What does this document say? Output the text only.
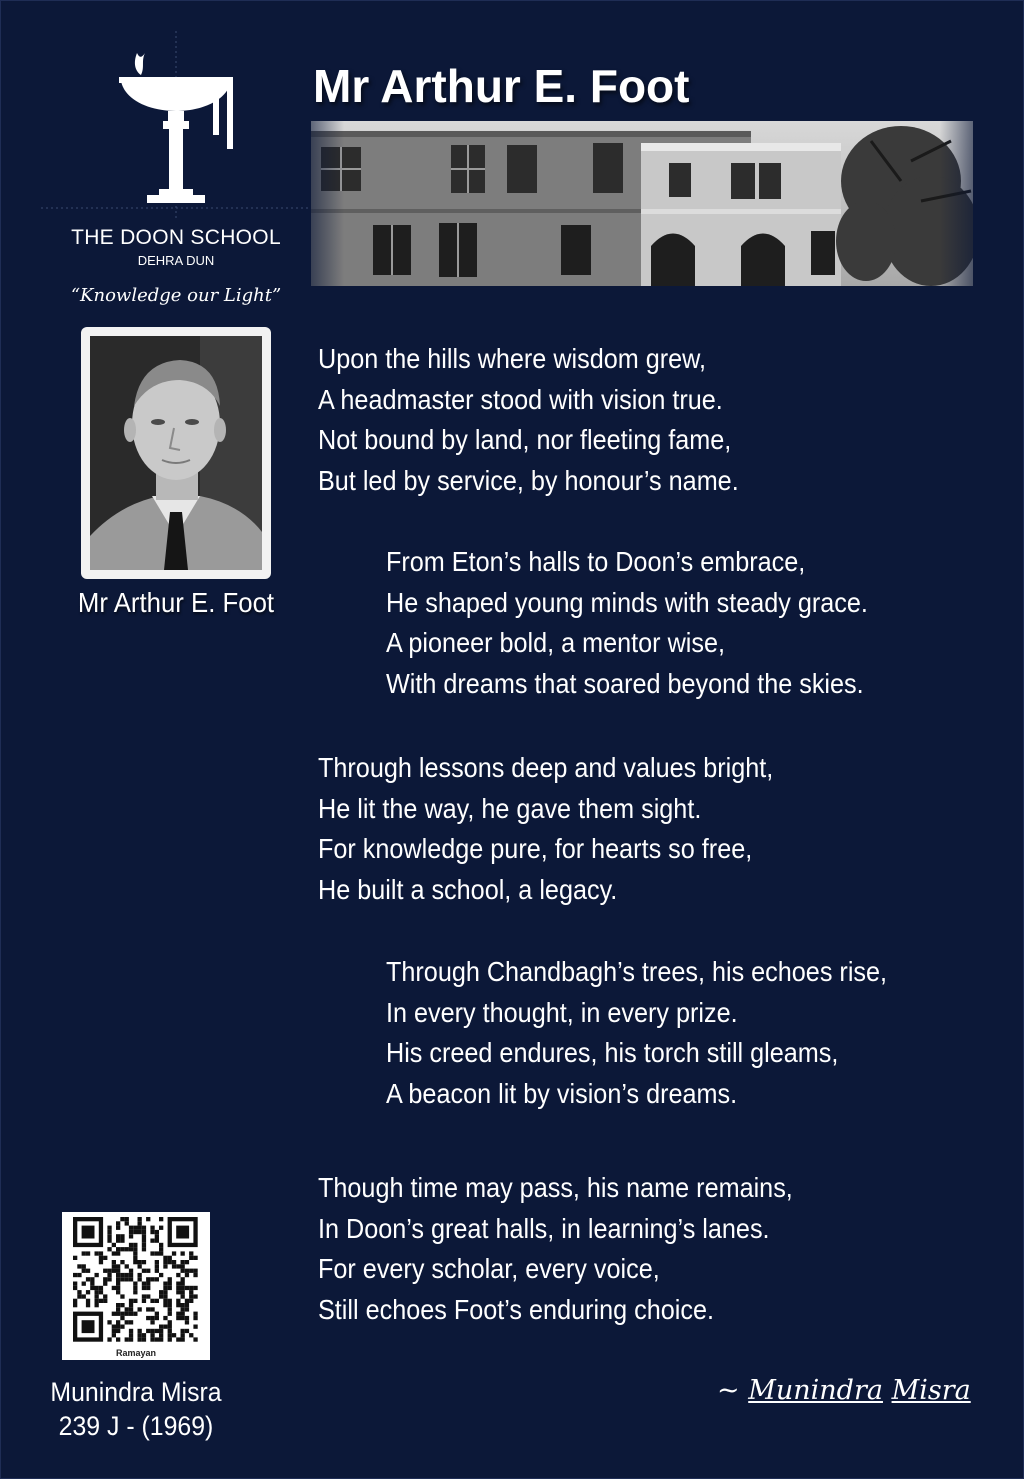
THE DOON SCHOOL
DEHRA DUN
“Knowledge our Light”
Mr Arthur E. Foot
Mr Arthur E. Foot
Upon the hills where wisdom grew,
A headmaster stood with vision true.
Not bound by land, nor fleeting fame,
But led by service, by honour’s name.
From Eton’s halls to Doon’s embrace,
He shaped young minds with steady grace.
A pioneer bold, a mentor wise,
With dreams that soared beyond the skies.
Through lessons deep and values bright,
He lit the way, he gave them sight.
For knowledge pure, for hearts so free,
He built a school, a legacy.
Through Chandbagh’s trees, his echoes rise,
In every thought, in every prize.
His creed endures, his torch still gleams,
A beacon lit by vision’s dreams.
Though time may pass, his name remains,
In Doon’s great halls, in learning’s lanes.
For every scholar, every voice,
Still echoes Foot’s enduring choice.
~ Munindra Misra
Ramayan
Munindra Misra
239 J - (1969)
